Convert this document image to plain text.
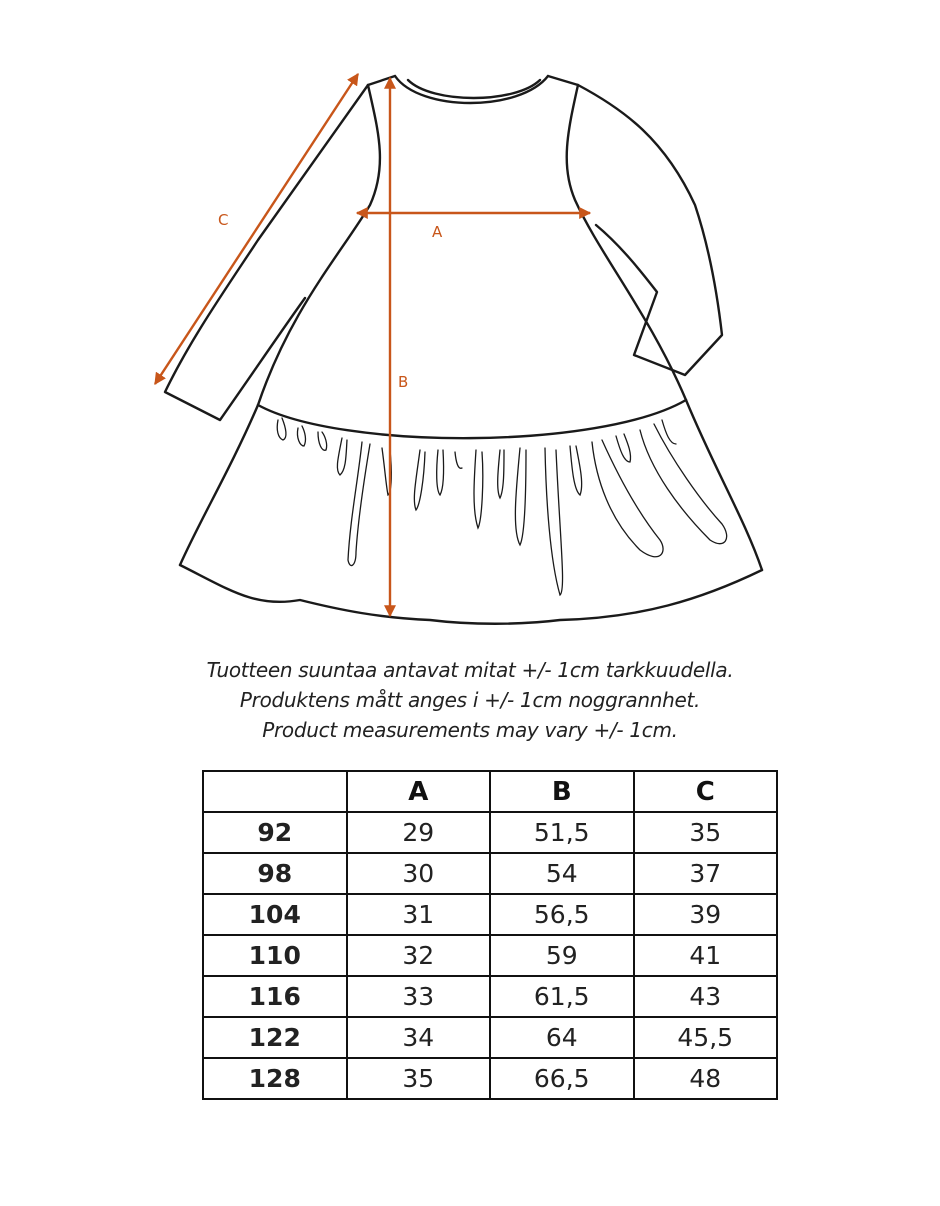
A
B
C
Tuotteen suuntaa antavat mitat +/- 1cm tarkkuudella.
Produktens mått anges i +/- 1cm noggrannhet.
Product measurements may vary +/- 1cm.
	A	B	C
92	29	51,5	35
98	30	54	37
104	31	56,5	39
110	32	59	41
116	33	61,5	43
122	34	64	45,5
128	35	66,5	48
